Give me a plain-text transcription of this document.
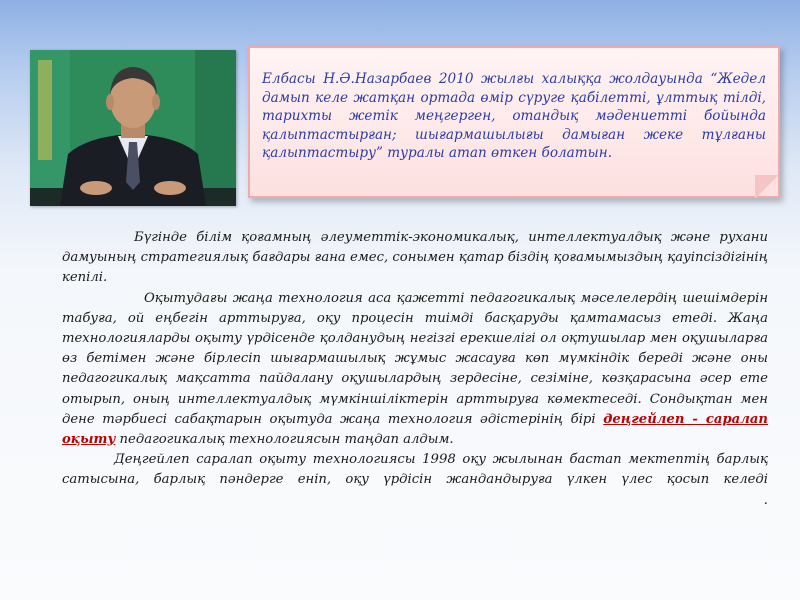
Елбасы Н.Ә.Назарбаев 2010 жылғы халыққа жолдауында “Жедел дамып келе жатқан ортада өмір сүруге қабілетті, ұлттық тілді, тарихты жетік меңгерген, отандық мәдениетті бойында қалыптастырған; шығармашылығы дамыған жеке тұлғаны қалыптастыру” туралы атап өткен болатын.

Бүгінде білім қоғамның әлеуметтік-экономикалық, интеллектуалдық және рухани дамуының стратегиялық бағдары ғана емес, сонымен қатар біздің қоғамымыздың қауіпсіздігінің кепілі.

Оқытудағы жаңа технология аса қажетті педагогикалық мәселелердің шешімдерін табуға, ой еңбегін арттыруға, оқу процесін тиімді басқаруды қамтамасыз етеді. Жаңа технологияларды оқыту үрдісенде қолданудың негізгі ерекшелігі ол оқтушылар мен оқушыларға өз бетімен және бірлесіп шығармашылық жұмыс жасауға көп мүмкіндік береді және оны педагогикалық мақсатта пайдалану оқушылардың зердесіне, сезіміне, көзқарасына әсер ете отырып, оның интеллектуалдық мүмкіншіліктерін арттыруға көмектеседі. Сондықтан мен дене тәрбиесі сабақтарын оқытуда жаңа технология әдістерінің бірі деңгейлеп - саралап оқыту педагогикалық технологиясын таңдап алдым.

Деңгейлеп саралап оқыту технологиясы 1998 оқу жылынан бастап мектептің барлық сатысына, барлық пәндерге еніп, оқу үрдісін жандандыруға үлкен үлес қосып келеді .
